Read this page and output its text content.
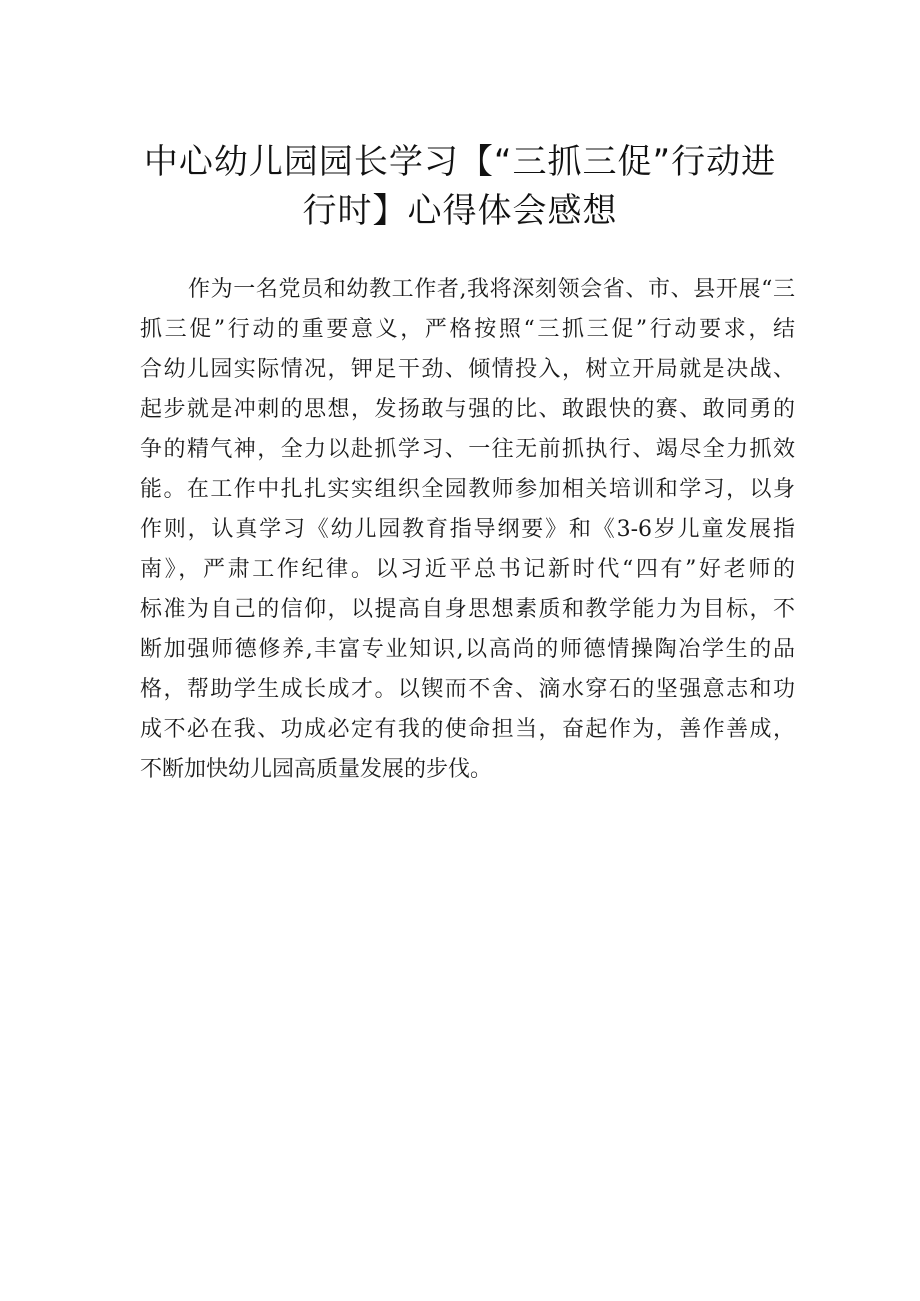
中心幼儿园园长学习【“三抓三促”行动进
行时】心得体会感想
作为一名党员和幼教工作者,我将深刻领会省、市、县开展“三
抓三促”行动的重要意义，严格按照“三抓三促”行动要求，结
合幼儿园实际情况，钾足干劲、倾情投入，树立开局就是决战、
起步就是冲刺的思想，发扬敢与强的比、敢跟快的赛、敢同勇的
争的精气神，全力以赴抓学习、一往无前抓执行、竭尽全力抓效
能。在工作中扎扎实实组织全园教师参加相关培训和学习，以身
作则，认真学习《幼儿园教育指导纲要》和《3-6岁儿童发展指
南》，严肃工作纪律。以习近平总书记新时代“四有”好老师的
标准为自己的信仰，以提高自身思想素质和教学能力为目标，不
断加强师德修养,丰富专业知识,以高尚的师德情操陶冶学生的品
格，帮助学生成长成才。以锲而不舍、滴水穿石的坚强意志和功
成不必在我、功成必定有我的使命担当，奋起作为，善作善成，
不断加快幼儿园高质量发展的步伐。
